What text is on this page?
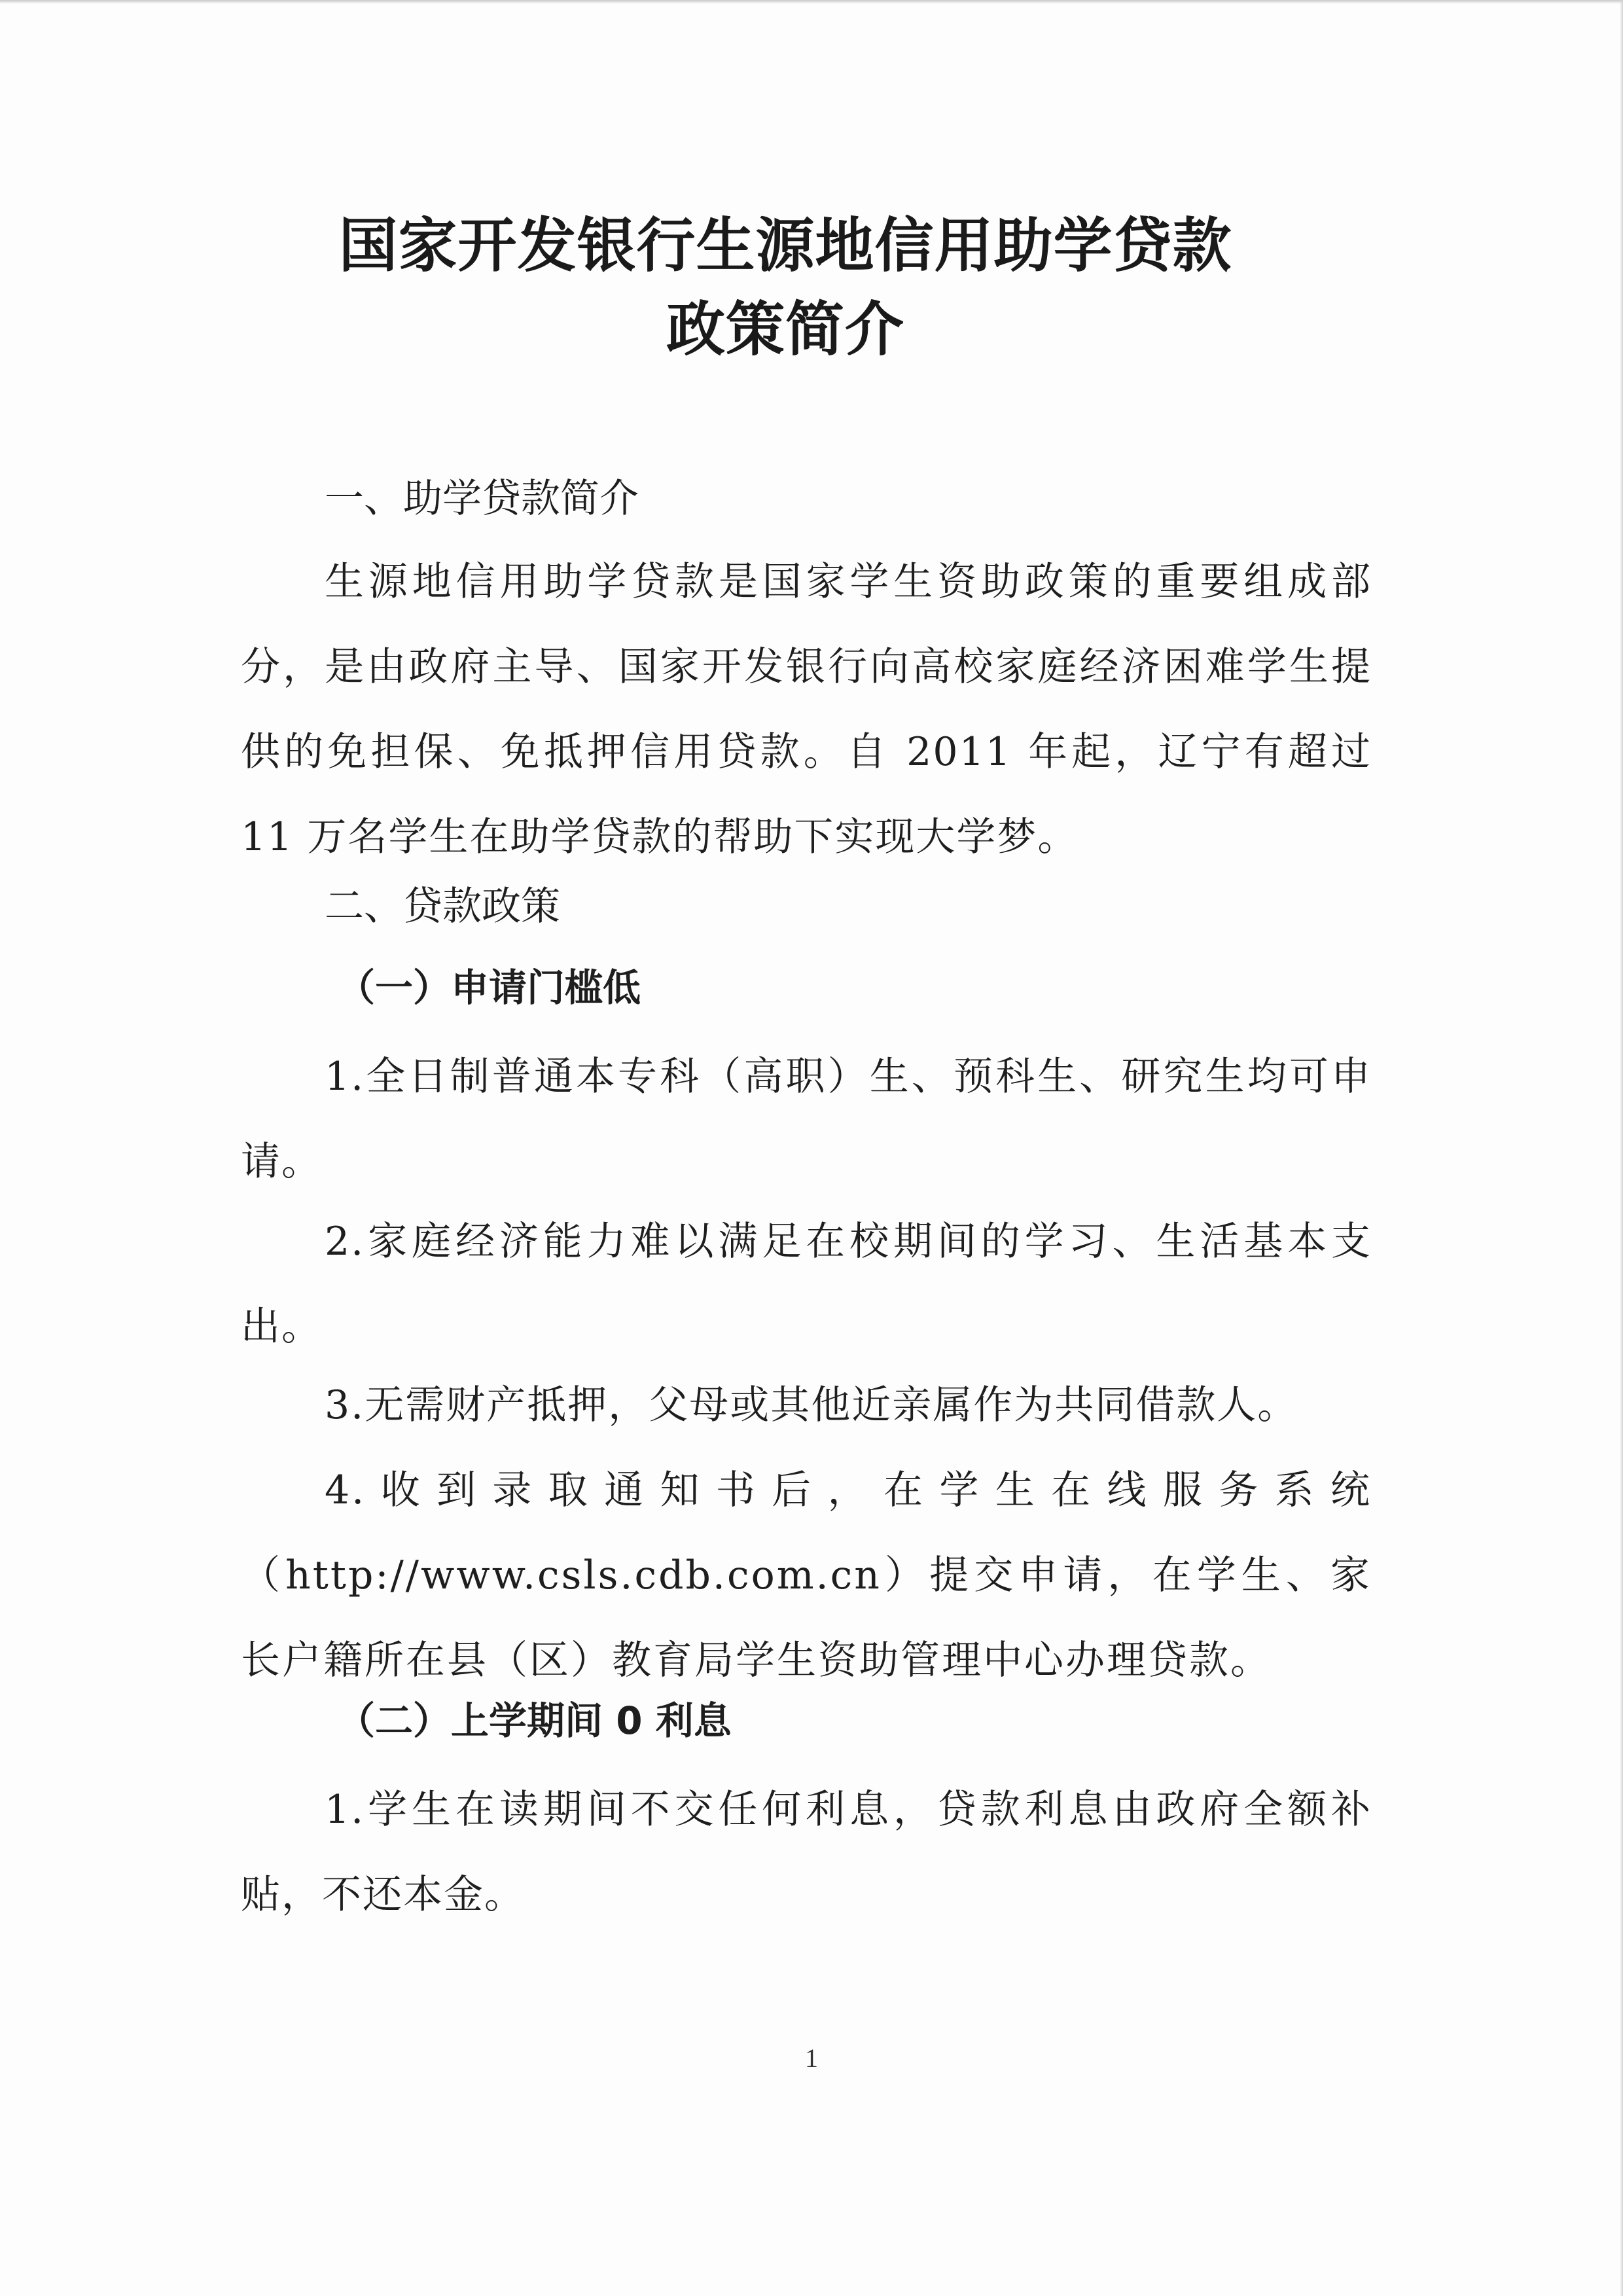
国家开发银行生源地信用助学贷款
政策简介
一、助学贷款简介

生源地信用助学贷款是国家学生资助政策的重要组成部分，是由政府主导、国家开发银行向高校家庭经济困难学生提供的免担保、免抵押信用贷款。自 2011 年起，辽宁有超过 11 万名学生在助学贷款的帮助下实现大学梦。

二、贷款政策
（一）申请门槛低

1.全日制普通本专科（高职）生、预科生、研究生均可申请。

2.家庭经济能力难以满足在校期间的学习、生活基本支出。

3.无需财产抵押，父母或其他近亲属作为共同借款人。

4.收到录取通知书后，在学生在线服务系统（http://www.csls.cdb.com.cn）提交申请，在学生、家长户籍所在县（区）教育局学生资助管理中心办理贷款。

（二）上学期间 0 利息

1.学生在读期间不交任何利息，贷款利息由政府全额补贴，不还本金。

1
